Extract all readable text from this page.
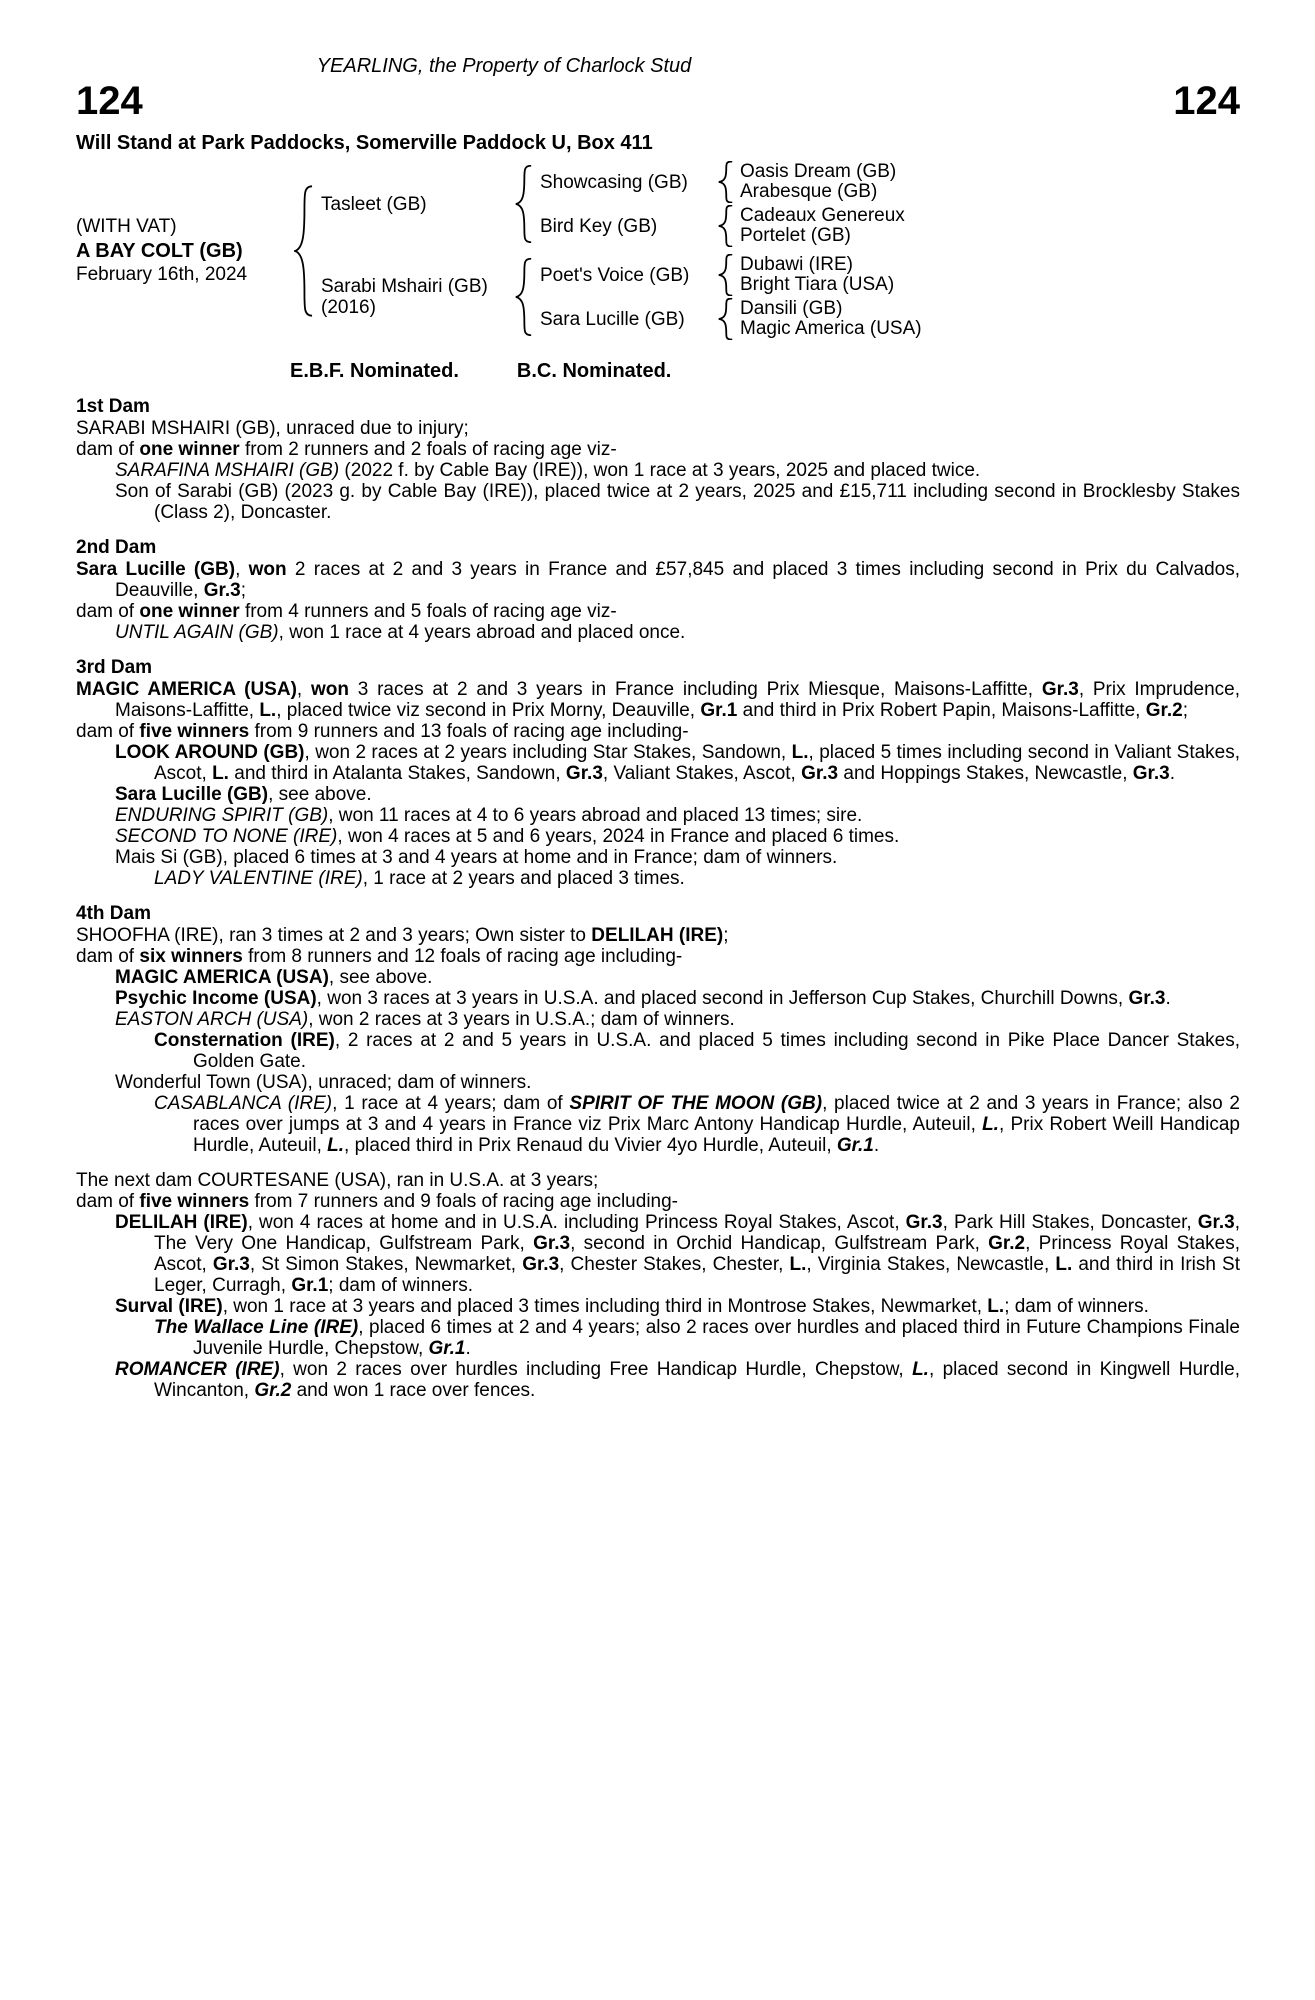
YEARLING, the Property of Charlock Stud
124	124
Will Stand at Park Paddocks, Somerville Paddock U, Box 411
(WITH VAT)
A BAY COLT (GB)
February 16th, 2024
Tasleet (GB)
Showcasing (GB)	Oasis Dream (GB)
Arabesque (GB)
Bird Key (GB)	Cadeaux Genereux
Portelet (GB)
Sarabi Mshairi (GB)
(2016)
Poet's Voice (GB)	Dubawi (IRE)
Bright Tiara (USA)
Sara Lucille (GB)	Dansili (GB)
Magic America (USA)
E.B.F. Nominated.	B.C. Nominated.
1st Dam

SARABI MSHAIRI (GB), unraced due to injury;

dam of one winner from 2 runners and 2 foals of racing age viz-

SARAFINA MSHAIRI (GB) (2022 f. by Cable Bay (IRE)), won 1 race at 3 years, 2025 and placed twice.

Son of Sarabi (GB) (2023 g. by Cable Bay (IRE)), placed twice at 2 years, 2025 and £15,711 including second in Brocklesby Stakes (Class 2), Doncaster.

2nd Dam

Sara Lucille (GB), won 2 races at 2 and 3 years in France and £57,845 and placed 3 times including second in Prix du Calvados, Deauville, Gr.3;

dam of one winner from 4 runners and 5 foals of racing age viz-

UNTIL AGAIN (GB), won 1 race at 4 years abroad and placed once.

3rd Dam

MAGIC AMERICA (USA), won 3 races at 2 and 3 years in France including Prix Miesque, Maisons-Laffitte, Gr.3, Prix Imprudence, Maisons-Laffitte, L., placed twice viz second in Prix Morny, Deauville, Gr.1 and third in Prix Robert Papin, Maisons-Laffitte, Gr.2;

dam of five winners from 9 runners and 13 foals of racing age including-

LOOK AROUND (GB), won 2 races at 2 years including Star Stakes, Sandown, L., placed 5 times including second in Valiant Stakes, Ascot, L. and third in Atalanta Stakes, Sandown, Gr.3, Valiant Stakes, Ascot, Gr.3 and Hoppings Stakes, Newcastle, Gr.3.

Sara Lucille (GB), see above.

ENDURING SPIRIT (GB), won 11 races at 4 to 6 years abroad and placed 13 times; sire.

SECOND TO NONE (IRE), won 4 races at 5 and 6 years, 2024 in France and placed 6 times.

Mais Si (GB), placed 6 times at 3 and 4 years at home and in France; dam of winners.

LADY VALENTINE (IRE), 1 race at 2 years and placed 3 times.

4th Dam

SHOOFHA (IRE), ran 3 times at 2 and 3 years; Own sister to DELILAH (IRE);

dam of six winners from 8 runners and 12 foals of racing age including-

MAGIC AMERICA (USA), see above.

Psychic Income (USA), won 3 races at 3 years in U.S.A. and placed second in Jefferson Cup Stakes, Churchill Downs, Gr.3.

EASTON ARCH (USA), won 2 races at 3 years in U.S.A.; dam of winners.

Consternation (IRE), 2 races at 2 and 5 years in U.S.A. and placed 5 times including second in Pike Place Dancer Stakes, Golden Gate.

Wonderful Town (USA), unraced; dam of winners.

CASABLANCA (IRE), 1 race at 4 years; dam of SPIRIT OF THE MOON (GB), placed twice at 2 and 3 years in France; also 2 races over jumps at 3 and 4 years in France viz Prix Marc Antony Handicap Hurdle, Auteuil, L., Prix Robert Weill Handicap Hurdle, Auteuil, L., placed third in Prix Renaud du Vivier 4yo Hurdle, Auteuil, Gr.1.

The next dam COURTESANE (USA), ran in U.S.A. at 3 years;

dam of five winners from 7 runners and 9 foals of racing age including-

DELILAH (IRE), won 4 races at home and in U.S.A. including Princess Royal Stakes, Ascot, Gr.3, Park Hill Stakes, Doncaster, Gr.3, The Very One Handicap, Gulfstream Park, Gr.3, second in Orchid Handicap, Gulfstream Park, Gr.2, Princess Royal Stakes, Ascot, Gr.3, St Simon Stakes, Newmarket, Gr.3, Chester Stakes, Chester, L., Virginia Stakes, Newcastle, L. and third in Irish St Leger, Curragh, Gr.1; dam of winners.

Surval (IRE), won 1 race at 3 years and placed 3 times including third in Montrose Stakes, Newmarket, L.; dam of winners.

The Wallace Line (IRE), placed 6 times at 2 and 4 years; also 2 races over hurdles and placed third in Future Champions Finale Juvenile Hurdle, Chepstow, Gr.1.

ROMANCER (IRE), won 2 races over hurdles including Free Handicap Hurdle, Chepstow, L., placed second in Kingwell Hurdle, Wincanton, Gr.2 and won 1 race over fences.
